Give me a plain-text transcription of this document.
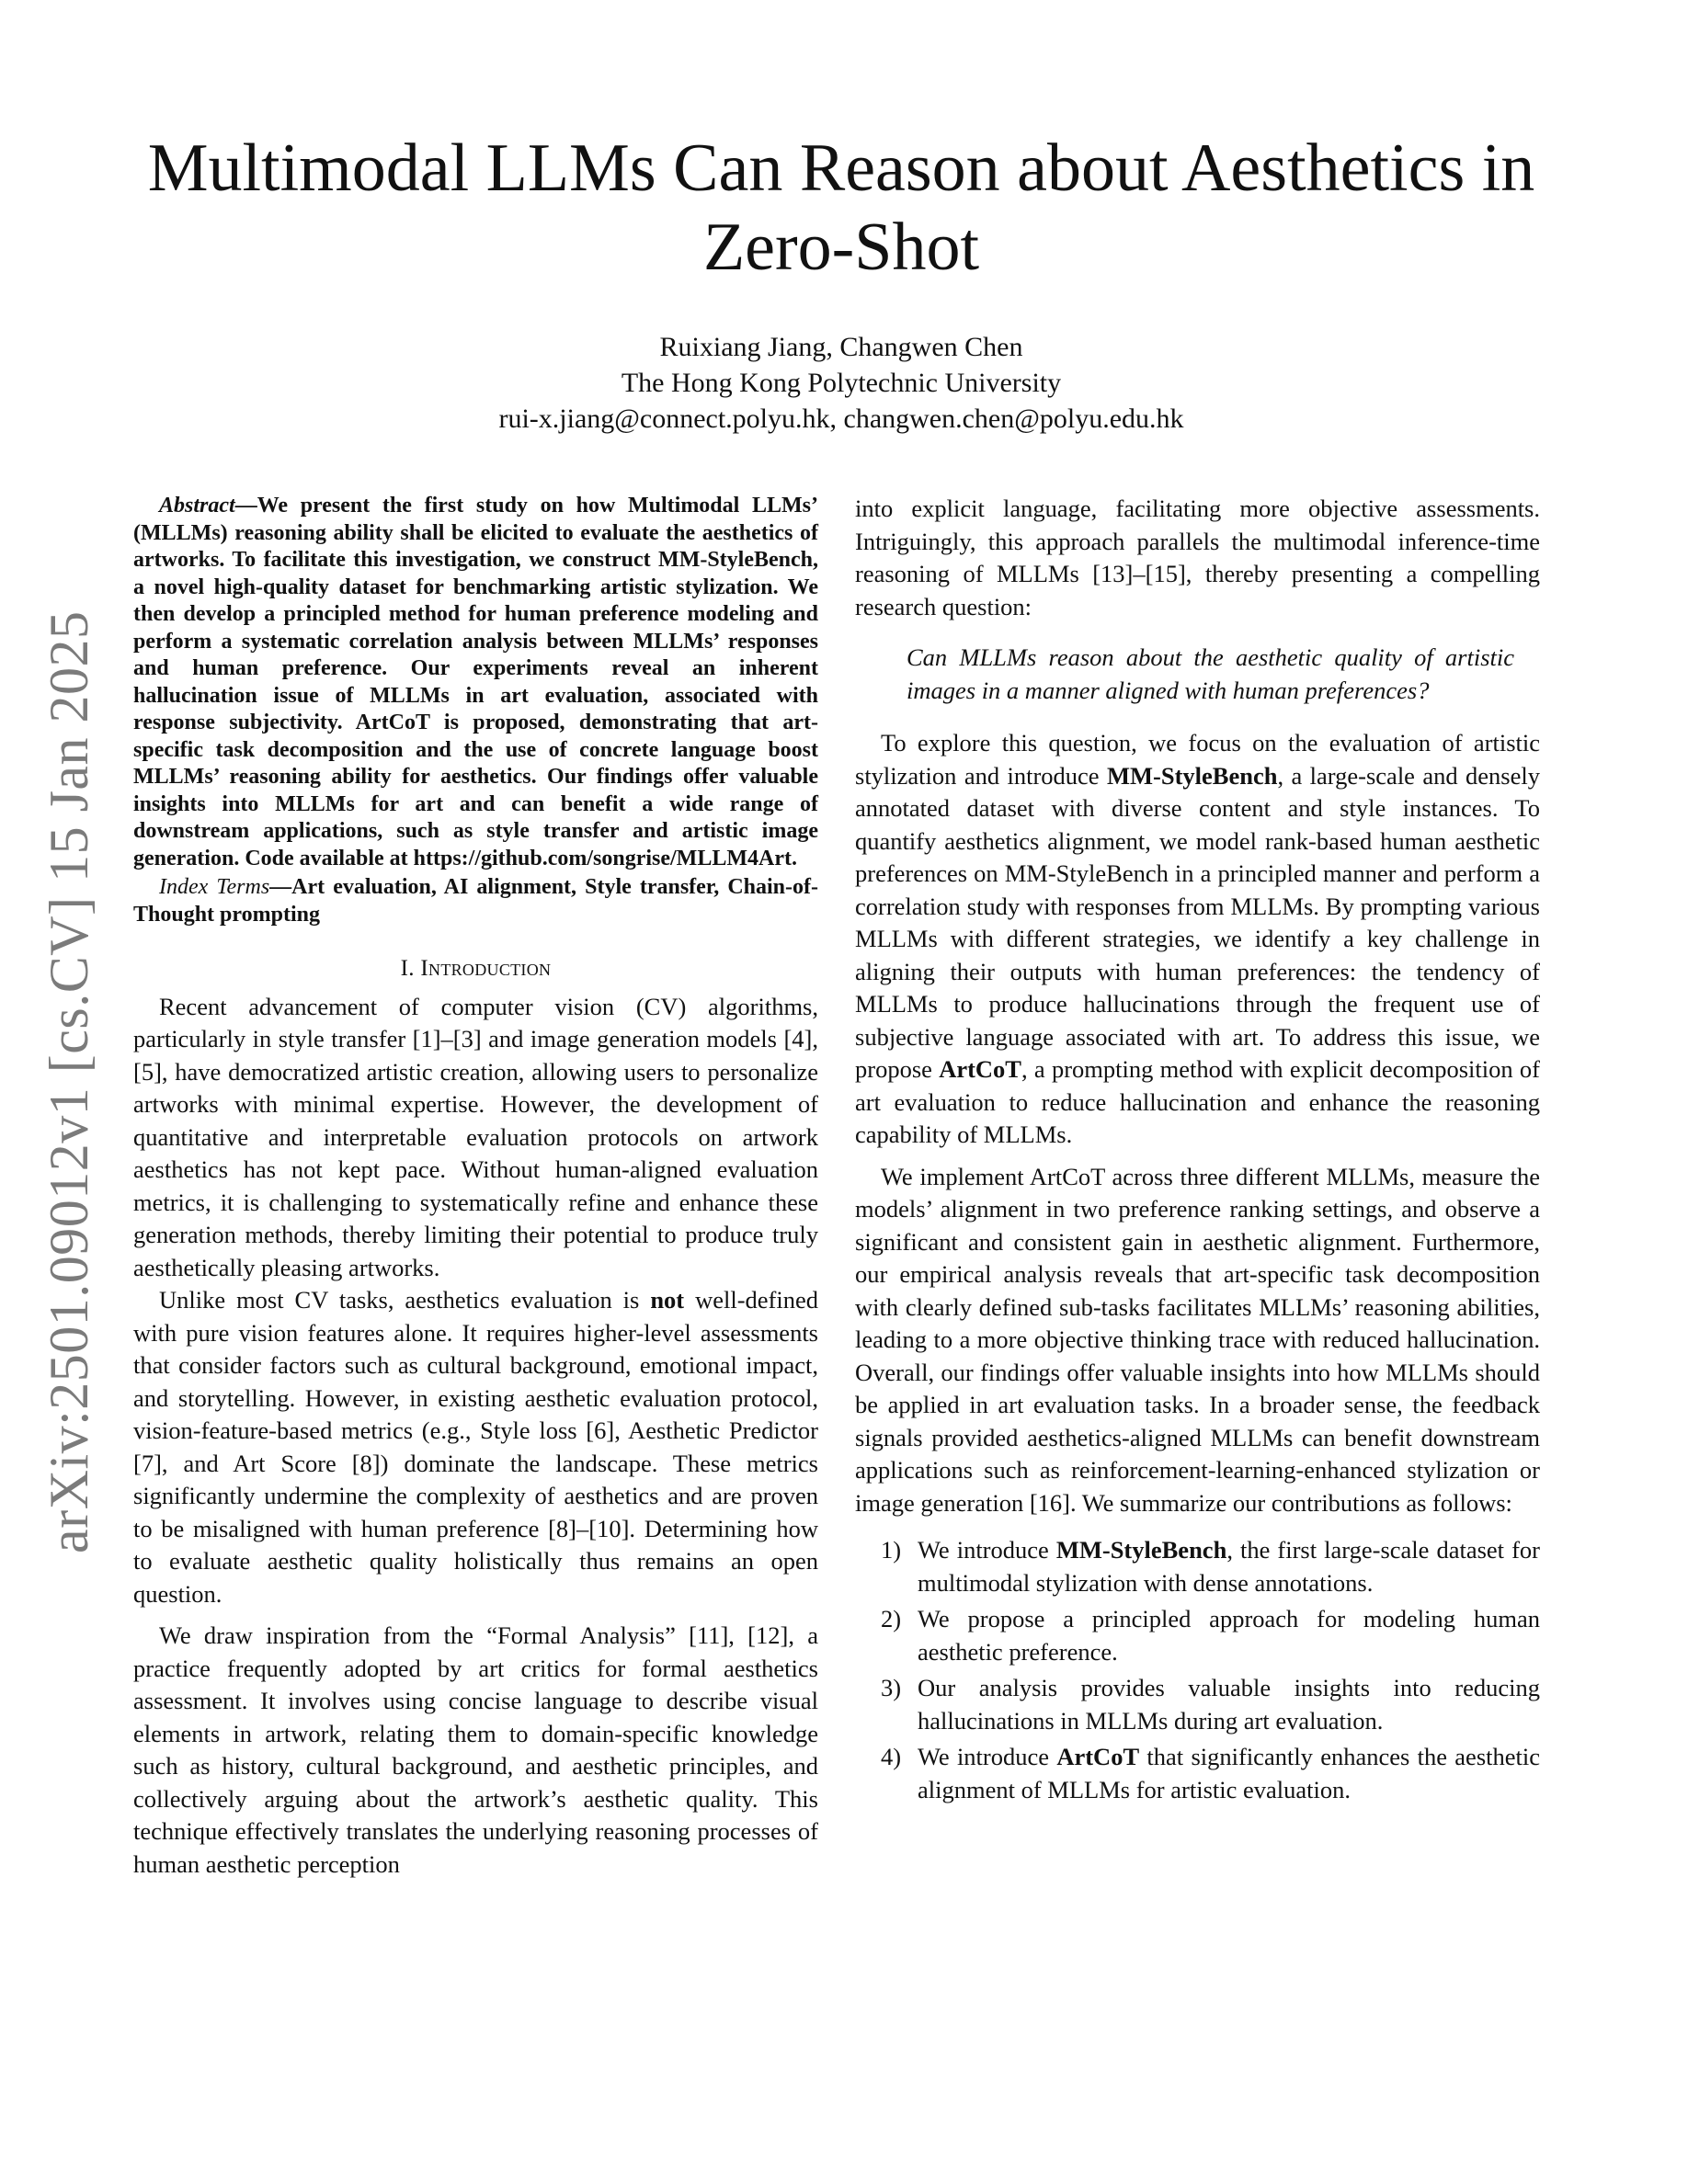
arXiv:2501.09012v1 [cs.CV] 15 Jan 2025
Multimodal LLMs Can Reason about Aesthetics in Zero-Shot
Ruixiang Jiang, Changwen Chen
The Hong Kong Polytechnic University
rui-x.jiang@connect.polyu.hk, changwen.chen@polyu.edu.hk

Abstract—We present the first study on how Multimodal LLMs’ (MLLMs) reasoning ability shall be elicited to evaluate the aesthetics of artworks. To facilitate this investigation, we construct MM-StyleBench, a novel high-quality dataset for benchmarking artistic stylization. We then develop a principled method for human preference modeling and perform a systematic correlation analysis between MLLMs’ responses and human preference. Our experiments reveal an inherent hallucination issue of MLLMs in art evaluation, associated with response subjectivity. ArtCoT is proposed, demonstrating that art-specific task decomposition and the use of concrete language boost MLLMs’ reasoning ability for aesthetics. Our findings offer valuable insights into MLLMs for art and can benefit a wide range of downstream applications, such as style transfer and artistic image generation. Code available at https://github.com/songrise/MLLM4Art.

Index Terms—Art evaluation, AI alignment, Style transfer, Chain-of-Thought prompting

I. Introduction

Recent advancement of computer vision (CV) algorithms, particularly in style transfer [1]–[3] and image generation models [4], [5], have democratized artistic creation, allowing users to personalize artworks with minimal expertise. However, the development of quantitative and interpretable evaluation protocols on artwork aesthetics has not kept pace. Without human-aligned evaluation metrics, it is challenging to systematically refine and enhance these generation methods, thereby limiting their potential to produce truly aesthetically pleasing artworks.

Unlike most CV tasks, aesthetics evaluation is not well-defined with pure vision features alone. It requires higher-level assessments that consider factors such as cultural background, emotional impact, and storytelling. However, in existing aesthetic evaluation protocol, vision-feature-based metrics (e.g., Style loss [6], Aesthetic Predictor [7], and Art Score [8]) dominate the landscape. These metrics significantly undermine the complexity of aesthetics and are proven to be misaligned with human preference [8]–[10]. Determining how to evaluate aesthetic quality holistically thus remains an open question.

We draw inspiration from the “Formal Analysis” [11], [12], a practice frequently adopted by art critics for formal aesthetics assessment. It involves using concise language to describe visual elements in artwork, relating them to domain-specific knowledge such as history, cultural background, and aesthetic principles, and collectively arguing about the artwork’s aesthetic quality. This technique effectively translates the underlying reasoning processes of human aesthetic perception

into explicit language, facilitating more objective assessments. Intriguingly, this approach parallels the multimodal inference-time reasoning of MLLMs [13]–[15], thereby presenting a compelling research question:

Can MLLMs reason about the aesthetic quality of artistic images in a manner aligned with human preferences?

To explore this question, we focus on the evaluation of artistic stylization and introduce MM-StyleBench, a large-scale and densely annotated dataset with diverse content and style instances. To quantify aesthetics alignment, we model rank-based human aesthetic preferences on MM-StyleBench in a principled manner and perform a correlation study with responses from MLLMs. By prompting various MLLMs with different strategies, we identify a key challenge in aligning their outputs with human preferences: the tendency of MLLMs to produce hallucinations through the frequent use of subjective language associated with art. To address this issue, we propose ArtCoT, a prompting method with explicit decomposition of art evaluation to reduce hallucination and enhance the reasoning capability of MLLMs.

We implement ArtCoT across three different MLLMs, measure the models’ alignment in two preference ranking settings, and observe a significant and consistent gain in aesthetic alignment. Furthermore, our empirical analysis reveals that art-specific task decomposition with clearly defined sub-tasks facilitates MLLMs’ reasoning abilities, leading to a more objective thinking trace with reduced hallucination. Overall, our findings offer valuable insights into how MLLMs should be applied in art evaluation tasks. In a broader sense, the feedback signals provided aesthetics-aligned MLLMs can benefit downstream applications such as reinforcement-learning-enhanced stylization or image generation [16]. We summarize our contributions as follows:

1) We introduce MM-StyleBench, the first large-scale dataset for multimodal stylization with dense annotations.
2) We propose a principled approach for modeling human aesthetic preference.
3) Our analysis provides valuable insights into reducing hallucinations in MLLMs during art evaluation.
4) We introduce ArtCoT that significantly enhances the aesthetic alignment of MLLMs for artistic evaluation.
